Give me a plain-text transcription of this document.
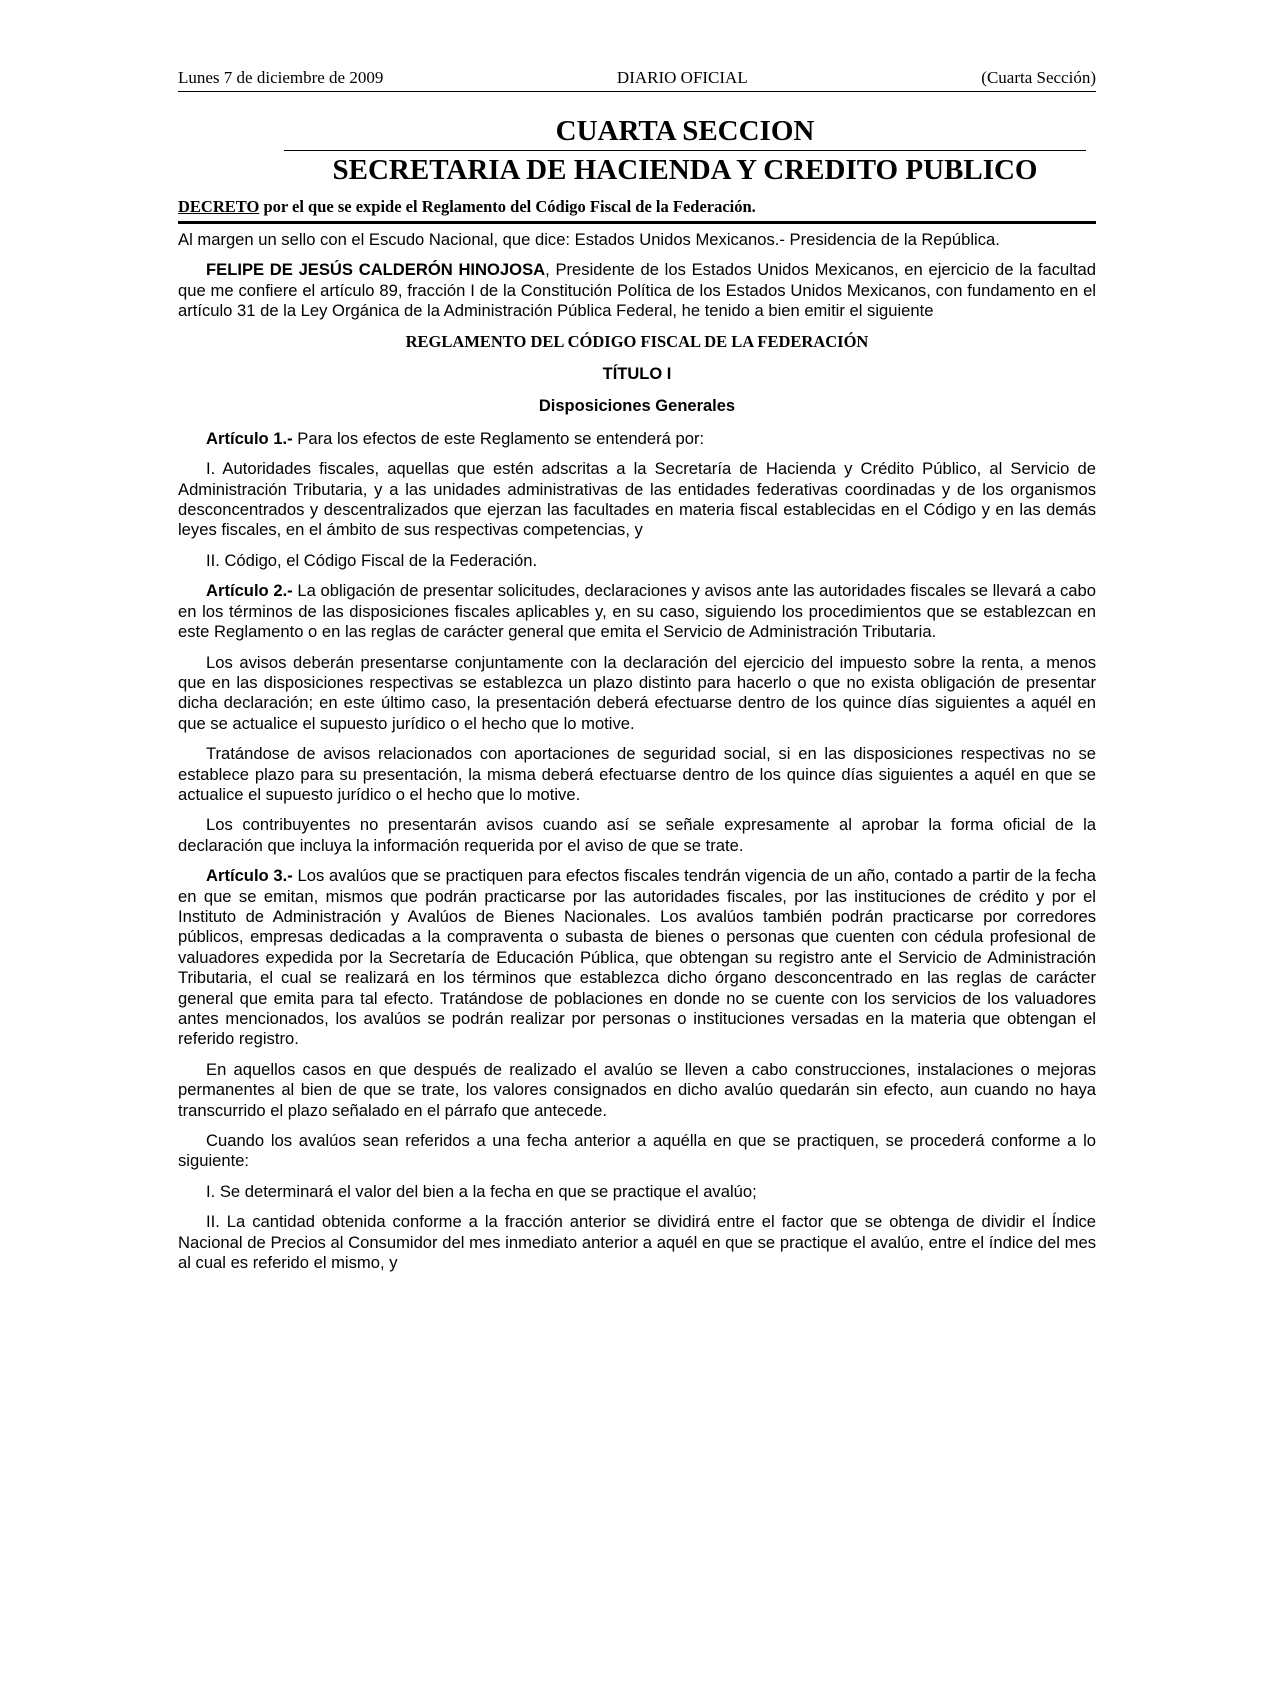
Lunes 7 de diciembre de 2009	DIARIO OFICIAL	(Cuarta Sección)
CUARTA SECCION
SECRETARIA DE HACIENDA Y CREDITO PUBLICO
DECRETO por el que se expide el Reglamento del Código Fiscal de la Federación.

Al margen un sello con el Escudo Nacional, que dice: Estados Unidos Mexicanos.- Presidencia de la República.

FELIPE DE JESÚS CALDERÓN HINOJOSA, Presidente de los Estados Unidos Mexicanos, en ejercicio de la facultad que me confiere el artículo 89, fracción I de la Constitución Política de los Estados Unidos Mexicanos, con fundamento en el artículo 31 de la Ley Orgánica de la Administración Pública Federal, he tenido a bien emitir el siguiente

REGLAMENTO DEL CÓDIGO FISCAL DE LA FEDERACIÓN
TÍTULO I
Disposiciones Generales

Artículo 1.- Para los efectos de este Reglamento se entenderá por:

I. Autoridades fiscales, aquellas que estén adscritas a la Secretaría de Hacienda y Crédito Público, al Servicio de Administración Tributaria, y a las unidades administrativas de las entidades federativas coordinadas y de los organismos desconcentrados y descentralizados que ejerzan las facultades en materia fiscal establecidas en el Código y en las demás leyes fiscales, en el ámbito de sus respectivas competencias, y

II. Código, el Código Fiscal de la Federación.

Artículo 2.- La obligación de presentar solicitudes, declaraciones y avisos ante las autoridades fiscales se llevará a cabo en los términos de las disposiciones fiscales aplicables y, en su caso, siguiendo los procedimientos que se establezcan en este Reglamento o en las reglas de carácter general que emita el Servicio de Administración Tributaria.

Los avisos deberán presentarse conjuntamente con la declaración del ejercicio del impuesto sobre la renta, a menos que en las disposiciones respectivas se establezca un plazo distinto para hacerlo o que no exista obligación de presentar dicha declaración; en este último caso, la presentación deberá efectuarse dentro de los quince días siguientes a aquél en que se actualice el supuesto jurídico o el hecho que lo motive.

Tratándose de avisos relacionados con aportaciones de seguridad social, si en las disposiciones respectivas no se establece plazo para su presentación, la misma deberá efectuarse dentro de los quince días siguientes a aquél en que se actualice el supuesto jurídico o el hecho que lo motive.

Los contribuyentes no presentarán avisos cuando así se señale expresamente al aprobar la forma oficial de la declaración que incluya la información requerida por el aviso de que se trate.

Artículo 3.- Los avalúos que se practiquen para efectos fiscales tendrán vigencia de un año, contado a partir de la fecha en que se emitan, mismos que podrán practicarse por las autoridades fiscales, por las instituciones de crédito y por el Instituto de Administración y Avalúos de Bienes Nacionales. Los avalúos también podrán practicarse por corredores públicos, empresas dedicadas a la compraventa o subasta de bienes o personas que cuenten con cédula profesional de valuadores expedida por la Secretaría de Educación Pública, que obtengan su registro ante el Servicio de Administración Tributaria, el cual se realizará en los términos que establezca dicho órgano desconcentrado en las reglas de carácter general que emita para tal efecto. Tratándose de poblaciones en donde no se cuente con los servicios de los valuadores antes mencionados, los avalúos se podrán realizar por personas o instituciones versadas en la materia que obtengan el referido registro.

En aquellos casos en que después de realizado el avalúo se lleven a cabo construcciones, instalaciones o mejoras permanentes al bien de que se trate, los valores consignados en dicho avalúo quedarán sin efecto, aun cuando no haya transcurrido el plazo señalado en el párrafo que antecede.

Cuando los avalúos sean referidos a una fecha anterior a aquélla en que se practiquen, se procederá conforme a lo siguiente:

I. Se determinará el valor del bien a la fecha en que se practique el avalúo;

II. La cantidad obtenida conforme a la fracción anterior se dividirá entre el factor que se obtenga de dividir el Índice Nacional de Precios al Consumidor del mes inmediato anterior a aquél en que se practique el avalúo, entre el índice del mes al cual es referido el mismo, y
